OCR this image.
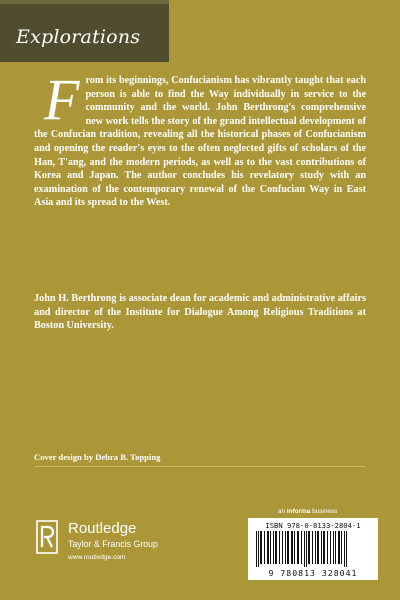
Explorations
F rom its beginnings, Confucianism has vibrantly taught that each person is able to find the Way individually in service to the community and the world. John Berthrong's comprehensive new work tells the story of the grand intellectual development of the Confucian tradition, revealing all the historical phases of Confucianism and opening the reader's eyes to the often neglected gifts of scholars of the Han, T'ang, and the modern periods, as well as to the vast contributions of Korea and Japan. The author concludes his revelatory study with an examination of the contemporary renewal of the Confucian Way in East Asia and its spread to the West.
John H. Berthrong is associate dean for academic and administrative affairs and director of the Institute for Dialogue Among Religious Traditions at Boston University.
Cover design by Debra B. Topping
Routledge
Taylor & Francis Group
www.routledge.com
an informa business
ISBN 978-0-8133-2804-1
9 780813 328041
